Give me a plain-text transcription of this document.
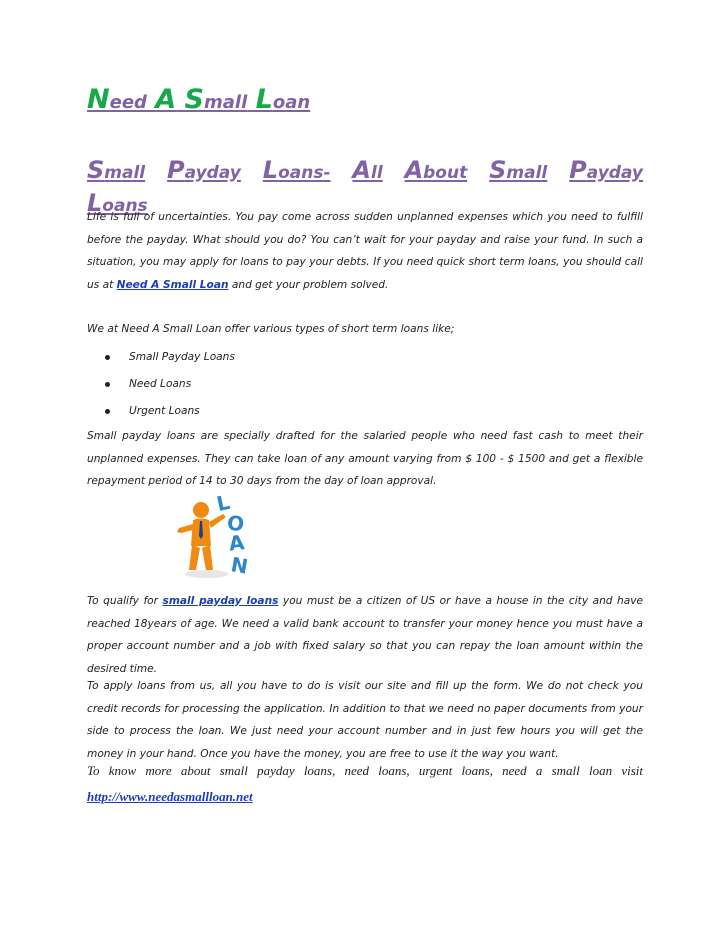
Need A Small Loan
Small Payday Loans- All About Small Payday
Loans

Life is full of uncertainties. You pay come across sudden unplanned expenses which you need to fulfill before the payday. What should you do? You can’t wait for your payday and raise your fund. In such a situation, you may apply for loans to pay your debts. If you need quick short term loans, you should call us at Need A Small Loan and get your problem solved.

We at Need A Small Loan offer various types of short term loans like;

Small Payday Loans
Need Loans
Urgent Loans

Small payday loans are specially drafted for the salaried people who need fast cash to meet their unplanned expenses. They can take loan of any amount varying from $ 100 - $ 1500 and get a flexible repayment period of 14 to 30 days from the day of loan approval.

L
O
A
N

To qualify for small payday loans you must be a citizen of US or have a house in the city and have reached 18years of age. We need a valid bank account to transfer your money hence you must have a proper account number and a job with fixed salary so that you can repay the loan amount within the desired time.

To apply loans from us, all you have to do is visit our site and fill up the form. We do not check you credit records for processing the application. In addition to that we need no paper documents from your side to process the loan. We just need your account number and in just few hours you will get the money in your hand. Once you have the money, you are free to use it the way you want.

To know more about small payday loans, need loans, urgent loans, need a small loan visit http://www.needasmallloan.net
